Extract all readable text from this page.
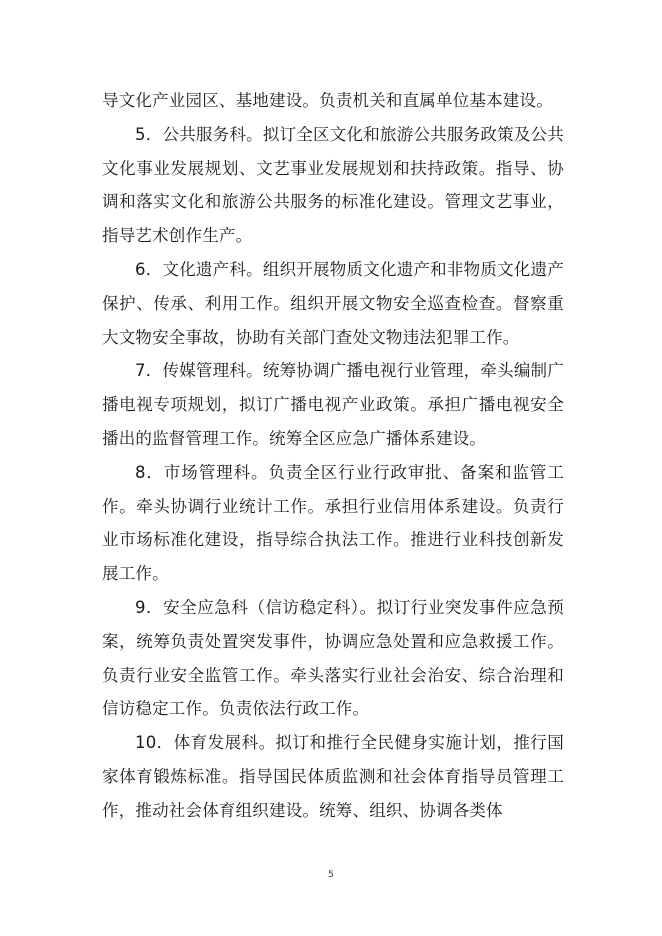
导文化产业园区、基地建设。负责机关和直属单位基本建设。

5．公共服务科。拟订全区文化和旅游公共服务政策及公共文化事业发展规划、文艺事业发展规划和扶持政策。指导、协调和落实文化和旅游公共服务的标准化建设。管理文艺事业，指导艺术创作生产。

6．文化遗产科。组织开展物质文化遗产和非物质文化遗产保护、传承、利用工作。组织开展文物安全巡查检查。督察重大文物安全事故，协助有关部门查处文物违法犯罪工作。

7．传媒管理科。统筹协调广播电视行业管理，牵头编制广播电视专项规划，拟订广播电视产业政策。承担广播电视安全播出的监督管理工作。统筹全区应急广播体系建设。

8．市场管理科。负责全区行业行政审批、备案和监管工作。牵头协调行业统计工作。承担行业信用体系建设。负责行业市场标准化建设，指导综合执法工作。推进行业科技创新发展工作。

9．安全应急科（信访稳定科）。拟订行业突发事件应急预案，统筹负责处置突发事件，协调应急处置和应急救援工作。负责行业安全监管工作。牵头落实行业社会治安、综合治理和信访稳定工作。负责依法行政工作。

10．体育发展科。拟订和推行全民健身实施计划，推行国家体育锻炼标准。指导国民体质监测和社会体育指导员管理工作，推动社会体育组织建设。统筹、组织、协调各类体

5
